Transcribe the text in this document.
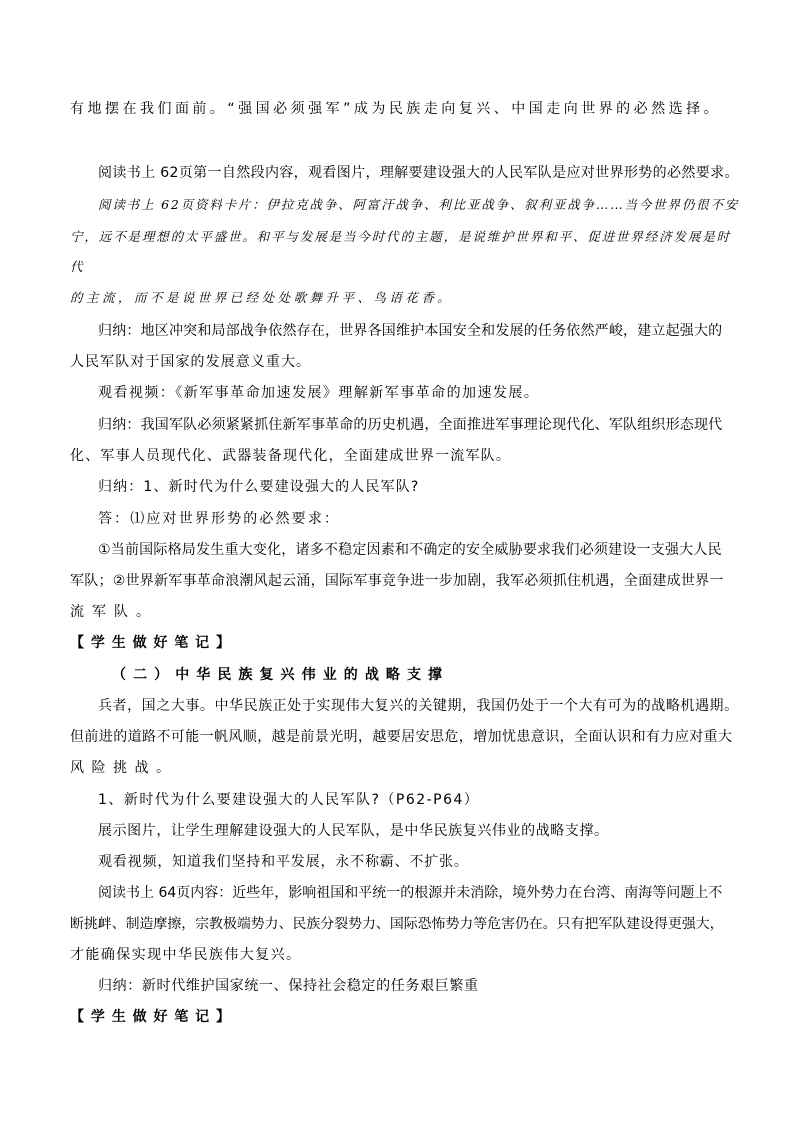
有地摆在我们面前。“强国必须强军”成为民族走向复兴、中国走向世界的必然选择。
阅读书上 62页第一自然段内容，观看图片，理解要建设强大的人民军队是应对世界形势的必然要求。
阅读书上 62页资料卡片：伊拉克战争、阿富汗战争、利比亚战争、叙利亚战争……当今世界仍很不安
宁，远不是理想的太平盛世。和平与发展是当今时代的主题，是说维护世界和平、促进世界经济发展是时
代
的主流，而不是说世界已经处处歌舞升平、鸟语花香。
归纳：地区冲突和局部战争依然存在，世界各国维护本国安全和发展的任务依然严峻，建立起强大的
人民军队对于国家的发展意义重大。
观看视频：《新军事革命加速发展》理解新军事革命的加速发展。
归纳：我国军队必须紧紧抓住新军事革命的历史机遇，全面推进军事理论现代化、军队组织形态现代
化、军事人员现代化、武器装备现代化，全面建成世界一流军队。
归纳：1、新时代为什么要建设强大的人民军队?
答：⑴应对世界形势的必然要求：
①当前国际格局发生重大变化，诸多不稳定因素和不确定的安全威胁要求我们必须建设一支强大人民
军队；②世界新军事革命浪潮风起云涌，国际军事竞争进一步加剧，我军必须抓住机遇，全面建成世界一
流军队。
【学生做好笔记】
（二）中华民族复兴伟业的战略支撑
兵者，国之大事。中华民族正处于实现伟大复兴的关键期，我国仍处于一个大有可为的战略机遇期。
但前进的道路不可能一帆风顺，越是前景光明，越要居安思危，增加忧患意识，全面认识和有力应对重大
风险挑战。
1、新时代为什么要建设强大的人民军队?（P62-P64）
展示图片，让学生理解建设强大的人民军队，是中华民族复兴伟业的战略支撑。
观看视频，知道我们坚持和平发展，永不称霸、不扩张。
阅读书上 64页内容：近些年，影响祖国和平统一的根源并未消除，境外势力在台湾、南海等问题上不
断挑衅、制造摩擦，宗教极端势力、民族分裂势力、国际恐怖势力等危害仍在。只有把军队建设得更强大，
才能确保实现中华民族伟大复兴。
归纳：新时代维护国家统一、保持社会稳定的任务艰巨繁重
【学生做好笔记】
